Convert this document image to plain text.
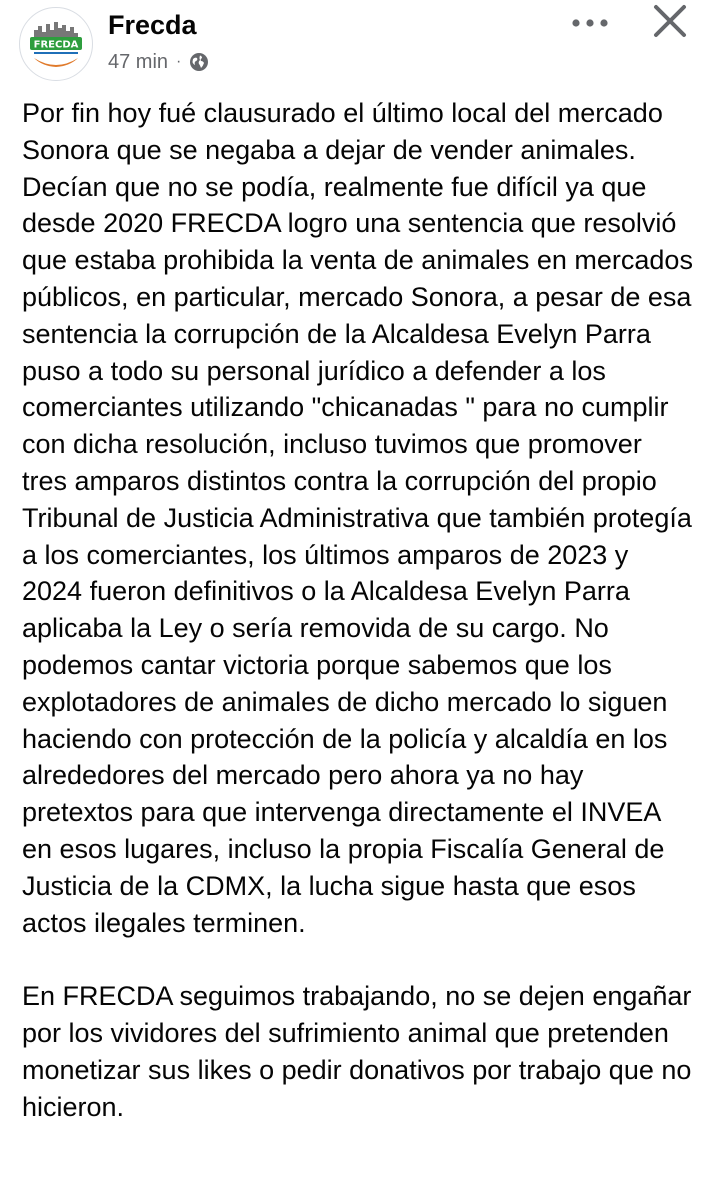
FRECDA
Frecda
47 min ·

Por fin hoy fué clausurado el último local del mercado Sonora que se negaba a dejar de vender animales. Decían que no se podía, realmente fue difícil ya que desde 2020 FRECDA logro una sentencia que resolvió que estaba prohibida la venta de animales en mercados públicos, en particular, mercado Sonora, a pesar de esa sentencia la corrupción de la Alcaldesa Evelyn Parra puso a todo su personal jurídico a defender a los comerciantes utilizando "chicanadas " para no cumplir con dicha resolución, incluso tuvimos que promover tres amparos distintos contra la corrupción del propio Tribunal de Justicia Administrativa que también protegía a los comerciantes, los últimos amparos de 2023 y 2024 fueron definitivos o la Alcaldesa Evelyn Parra aplicaba la Ley o sería removida de su cargo. No podemos cantar victoria porque sabemos que los explotadores de animales de dicho mercado lo siguen haciendo con protección de la policía y alcaldía en los alrededores del mercado pero ahora ya no hay pretextos para que intervenga directamente el INVEA en esos lugares, incluso la propia Fiscalía General de Justicia de la CDMX, la lucha sigue hasta que esos actos ilegales terminen.

En FRECDA seguimos trabajando, no se dejen engañar por los vividores del sufrimiento animal que pretenden monetizar sus likes o pedir donativos por trabajo que no hicieron.
